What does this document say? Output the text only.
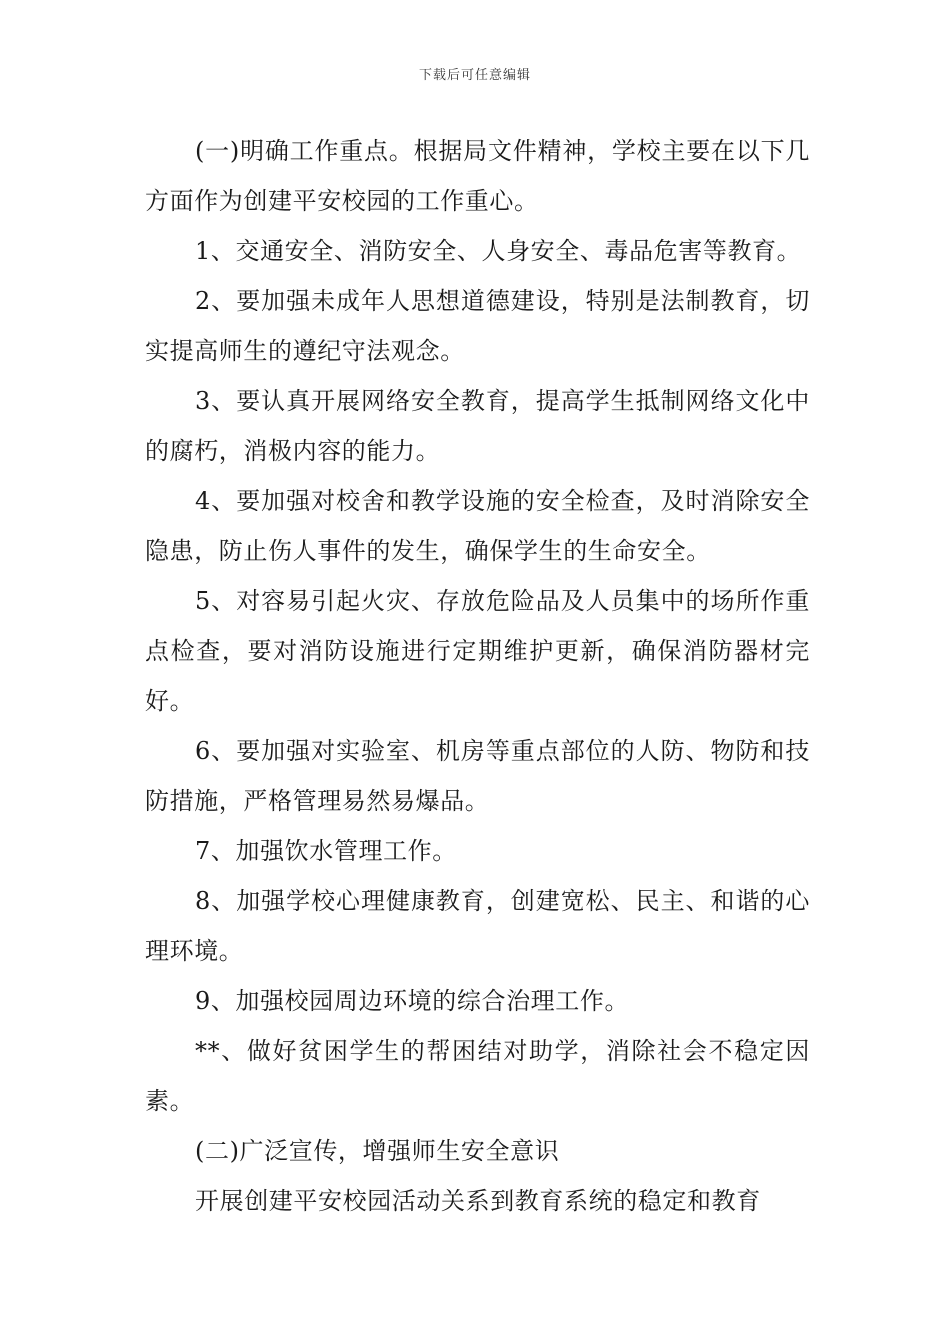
下载后可任意编辑

(一)明确工作重点。根据局文件精神，学校主要在以下几方面作为创建平安校园的工作重心。

1、交通安全、消防安全、人身安全、毒品危害等教育。

2、要加强未成年人思想道德建设，特别是法制教育，切实提高师生的遵纪守法观念。

3、要认真开展网络安全教育，提高学生抵制网络文化中的腐朽，消极内容的能力。

4、要加强对校舍和教学设施的安全检查，及时消除安全隐患，防止伤人事件的发生，确保学生的生命安全。

5、对容易引起火灾、存放危险品及人员集中的场所作重点检查，要对消防设施进行定期维护更新，确保消防器材完好。

6、要加强对实验室、机房等重点部位的人防、物防和技防措施，严格管理易然易爆品。

7、加强饮水管理工作。

8、加强学校心理健康教育，创建宽松、民主、和谐的心理环境。

9、加强校园周边环境的综合治理工作。

**、做好贫困学生的帮困结对助学，消除社会不稳定因素。

(二)广泛宣传，增强师生安全意识

开展创建平安校园活动关系到教育系统的稳定和教育
